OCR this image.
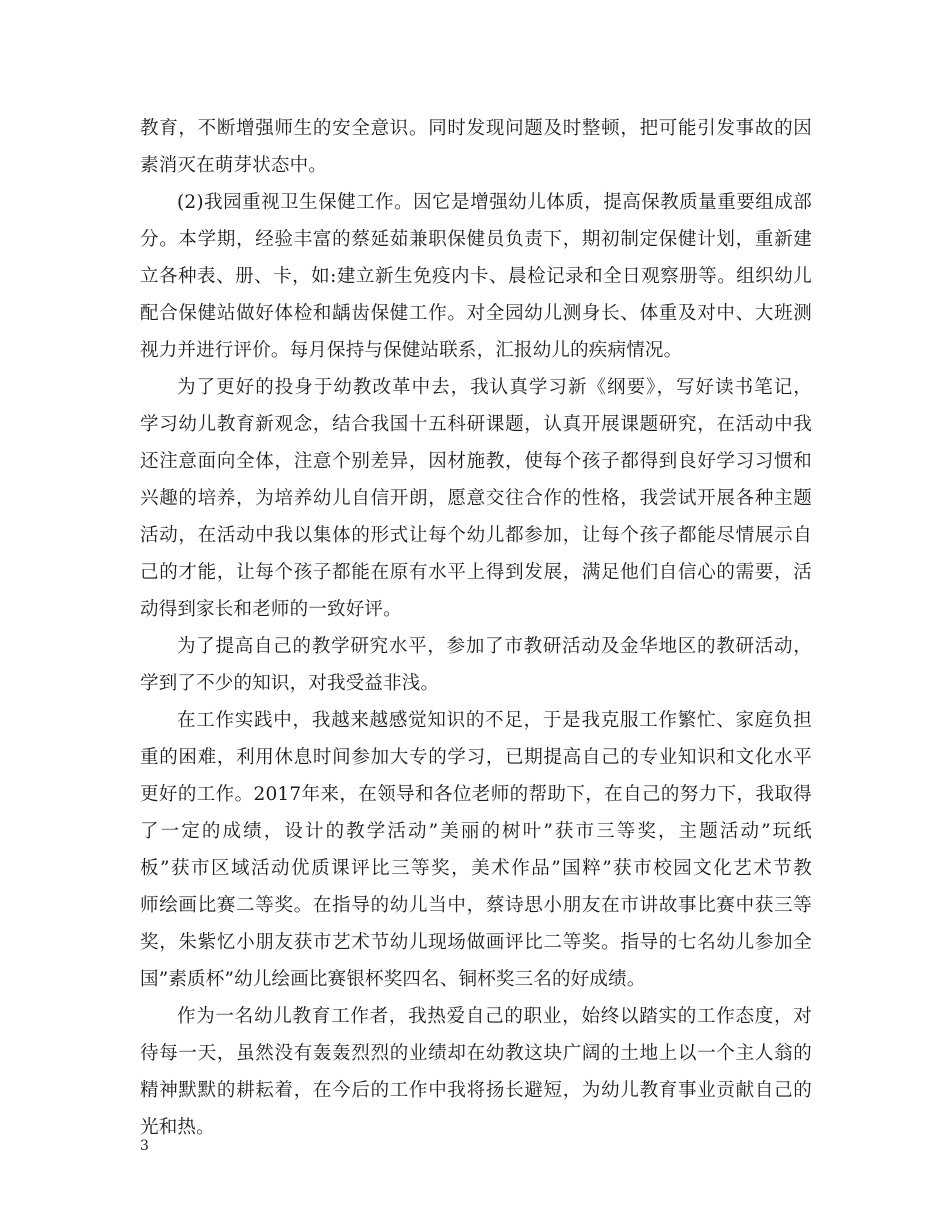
教育，不断增强师生的安全意识。同时发现问题及时整顿，把可能引发事故的因
素消灭在萌芽状态中。
(2)我园重视卫生保健工作。因它是增强幼儿体质，提高保教质量重要组成部
分。本学期，经验丰富的蔡延茹兼职保健员负责下，期初制定保健计划，重新建
立各种表、册、卡，如:建立新生免疫内卡、晨检记录和全日观察册等。组织幼儿
配合保健站做好体检和龋齿保健工作。对全园幼儿测身长、体重及对中、大班测
视力并进行评价。每月保持与保健站联系，汇报幼儿的疾病情况。
为了更好的投身于幼教改革中去，我认真学习新《纲要》，写好读书笔记，
学习幼儿教育新观念，结合我国十五科研课题，认真开展课题研究，在活动中我
还注意面向全体，注意个别差异，因材施教，使每个孩子都得到良好学习习惯和
兴趣的培养，为培养幼儿自信开朗，愿意交往合作的性格，我尝试开展各种主题
活动，在活动中我以集体的形式让每个幼儿都参加，让每个孩子都能尽情展示自
己的才能，让每个孩子都能在原有水平上得到发展，满足他们自信心的需要，活
动得到家长和老师的一致好评。
为了提高自己的教学研究水平，参加了市教研活动及金华地区的教研活动，
学到了不少的知识，对我受益非浅。
在工作实践中，我越来越感觉知识的不足，于是我克服工作繁忙、家庭负担
重的困难，利用休息时间参加大专的学习，已期提高自己的专业知识和文化水平
更好的工作。2017年来，在领导和各位老师的帮助下，在自己的努力下，我取得
了一定的成绩，设计的教学活动”美丽的树叶”获市三等奖，主题活动”玩纸
板”获市区域活动优质课评比三等奖，美术作品”国粹”获市校园文化艺术节教
师绘画比赛二等奖。在指导的幼儿当中，蔡诗思小朋友在市讲故事比赛中获三等
奖，朱紫忆小朋友获市艺术节幼儿现场做画评比二等奖。指导的七名幼儿参加全
国”素质杯”幼儿绘画比赛银杯奖四名、铜杯奖三名的好成绩。
作为一名幼儿教育工作者，我热爱自己的职业，始终以踏实的工作态度，对
待每一天，虽然没有轰轰烈烈的业绩却在幼教这块广阔的土地上以一个主人翁的
精神默默的耕耘着，在今后的工作中我将扬长避短，为幼儿教育事业贡献自己的
光和热。
3
